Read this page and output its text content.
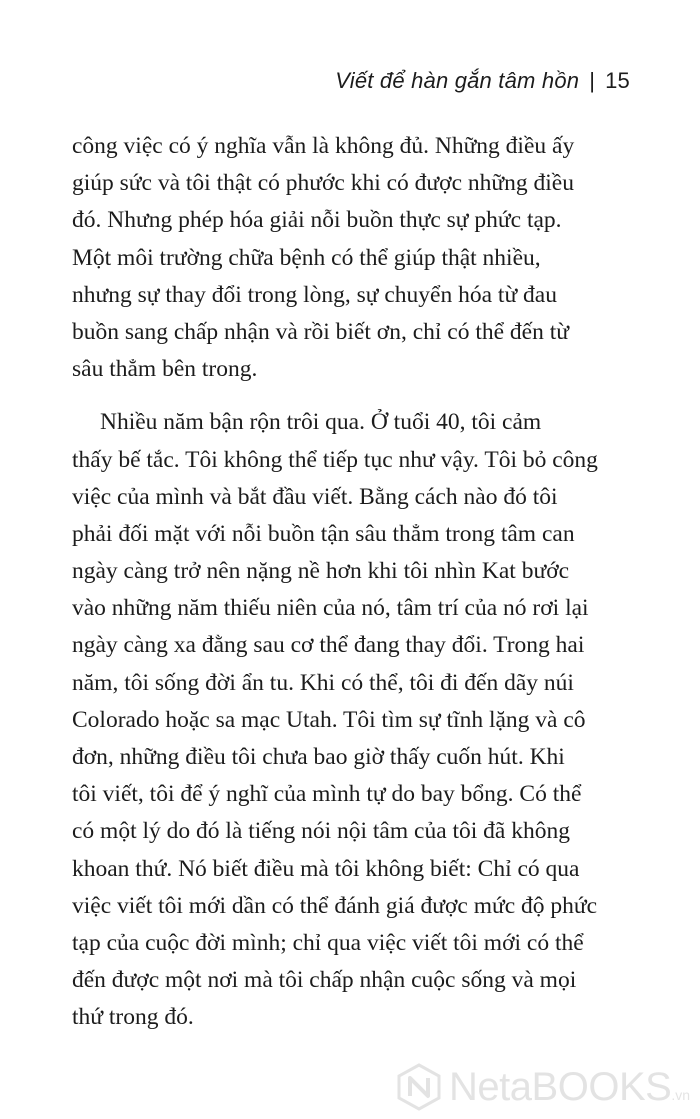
Viết để hàn gắn tâm hồn | 15

công việc có ý nghĩa vẫn là không đủ. Những điều ấy
giúp sức và tôi thật có phước khi có được những điều
đó. Nhưng phép hóa giải nỗi buồn thực sự phức tạp.
Một môi trường chữa bệnh có thể giúp thật nhiều,
nhưng sự thay đổi trong lòng, sự chuyển hóa từ đau
buồn sang chấp nhận và rồi biết ơn, chỉ có thể đến từ
sâu thẳm bên trong.

Nhiều năm bận rộn trôi qua. Ở tuổi 40, tôi cảm
thấy bế tắc. Tôi không thể tiếp tục như vậy. Tôi bỏ công
việc của mình và bắt đầu viết. Bằng cách nào đó tôi
phải đối mặt với nỗi buồn tận sâu thẳm trong tâm can
ngày càng trở nên nặng nề hơn khi tôi nhìn Kat bước
vào những năm thiếu niên của nó, tâm trí của nó rơi lại
ngày càng xa đằng sau cơ thể đang thay đổi. Trong hai
năm, tôi sống đời ẩn tu. Khi có thể, tôi đi đến dãy núi
Colorado hoặc sa mạc Utah. Tôi tìm sự tĩnh lặng và cô
đơn, những điều tôi chưa bao giờ thấy cuốn hút. Khi
tôi viết, tôi để ý nghĩ của mình tự do bay bổng. Có thể
có một lý do đó là tiếng nói nội tâm của tôi đã không
khoan thứ. Nó biết điều mà tôi không biết: Chỉ có qua
việc viết tôi mới dần có thể đánh giá được mức độ phức
tạp của cuộc đời mình; chỉ qua việc viết tôi mới có thể
đến được một nơi mà tôi chấp nhận cuộc sống và mọi
thứ trong đó.

NetaBOOKS .vn
